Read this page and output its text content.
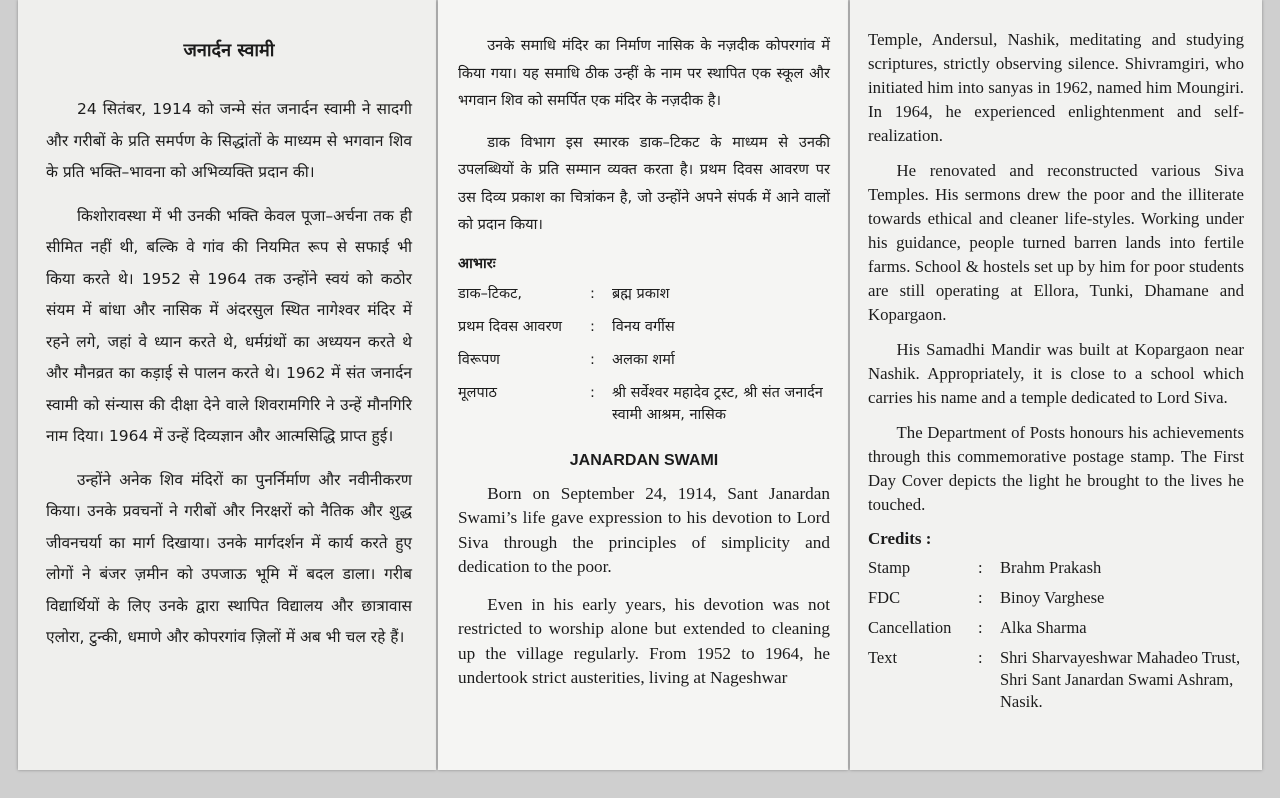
जनार्दन स्वामी

24 सितंबर, 1914 को जन्मे संत जनार्दन स्वामी ने सादगी और गरीबों के प्रति समर्पण के सिद्धांतों के माध्यम से भगवान शिव के प्रति भक्ति–भावना को अभिव्यक्ति प्रदान की।

किशोरावस्था में भी उनकी भक्ति केवल पूजा–अर्चना तक ही सीमित नहीं थी, बल्कि वे गांव की नियमित रूप से सफाई भी किया करते थे। 1952 से 1964 तक उन्होंने स्वयं को कठोर संयम में बांधा और नासिक में अंदरसुल स्थित नागेश्वर मंदिर में रहने लगे, जहां वे ध्यान करते थे, धर्मग्रंथों का अध्ययन करते थे और मौनव्रत का कड़ाई से पालन करते थे। 1962 में संत जनार्दन स्वामी को संन्यास की दीक्षा देने वाले शिवरामगिरि ने उन्हें मौनगिरि नाम दिया। 1964 में उन्हें दिव्यज्ञान और आत्मसिद्धि प्राप्त हुई।

उन्होंने अनेक शिव मंदिरों का पुनर्निर्माण और नवीनीकरण किया। उनके प्रवचनों ने गरीबों और निरक्षरों को नैतिक और शुद्ध जीवनचर्या का मार्ग दिखाया। उनके मार्गदर्शन में कार्य करते हुए लोगों ने बंजर ज़मीन को उपजाऊ भूमि में बदल डाला। गरीब विद्यार्थियों के लिए उनके द्वारा स्थापित विद्यालय और छात्रावास एलोरा, टुन्की, धमाणे और कोपरगांव ज़िलों में अब भी चल रहे हैं।

उनके समाधि मंदिर का निर्माण नासिक के नज़दीक कोपरगांव में किया गया। यह समाधि ठीक उन्हीं के नाम पर स्थापित एक स्कूल और भगवान शिव को समर्पित एक मंदिर के नज़दीक है।

डाक विभाग इस स्मारक डाक–टिकट के माध्यम से उनकी उपलब्धियों के प्रति सम्मान व्यक्त करता है। प्रथम दिवस आवरण पर उस दिव्य प्रकाश का चित्रांकन है, जो उन्होंने अपने संपर्क में आने वालों को प्रदान किया।

आभारः
डाक–टिकट,	:	ब्रह्म प्रकाश
प्रथम दिवस आवरण	:	विनय वर्गीस
विरूपण	:	अलका शर्मा
मूलपाठ	:	श्री सर्वेश्वर महादेव ट्रस्ट, श्री संत जनार्दन स्वामी आश्रम, नासिक
JANARDAN SWAMI

Born on September 24, 1914, Sant Janardan Swami’s life gave expression to his devotion to Lord Siva through the principles of simplicity and dedication to the poor.

Even in his early years, his devotion was not restricted to worship alone but extended to cleaning up the village regularly. From 1952 to 1964, he undertook strict austerities, living at Nageshwar

Temple, Andersul, Nashik, meditating and studying scriptures, strictly observing silence. Shivramgiri, who initiated him into sanyas in 1962, named him Moungiri. In 1964, he experienced enlightenment and self-realization.

He renovated and reconstructed various Siva Temples. His sermons drew the poor and the illiterate towards ethical and cleaner life-styles. Working under his guidance, people turned barren lands into fertile farms. School & hostels set up by him for poor students are still operating at Ellora, Tunki, Dhamane and Kopargaon.

His Samadhi Mandir was built at Kopargaon near Nashik. Appropriately, it is close to a school which carries his name and a temple dedicated to Lord Siva.

The Department of Posts honours his achievements through this commemorative postage stamp. The First Day Cover depicts the light he brought to the lives he touched.

Credits :
Stamp	:	Brahm Prakash
FDC	:	Binoy Varghese
Cancellation	:	Alka Sharma
Text	:	Shri Sharvayeshwar Mahadeo Trust, Shri Sant Janardan Swami Ashram, Nasik.
